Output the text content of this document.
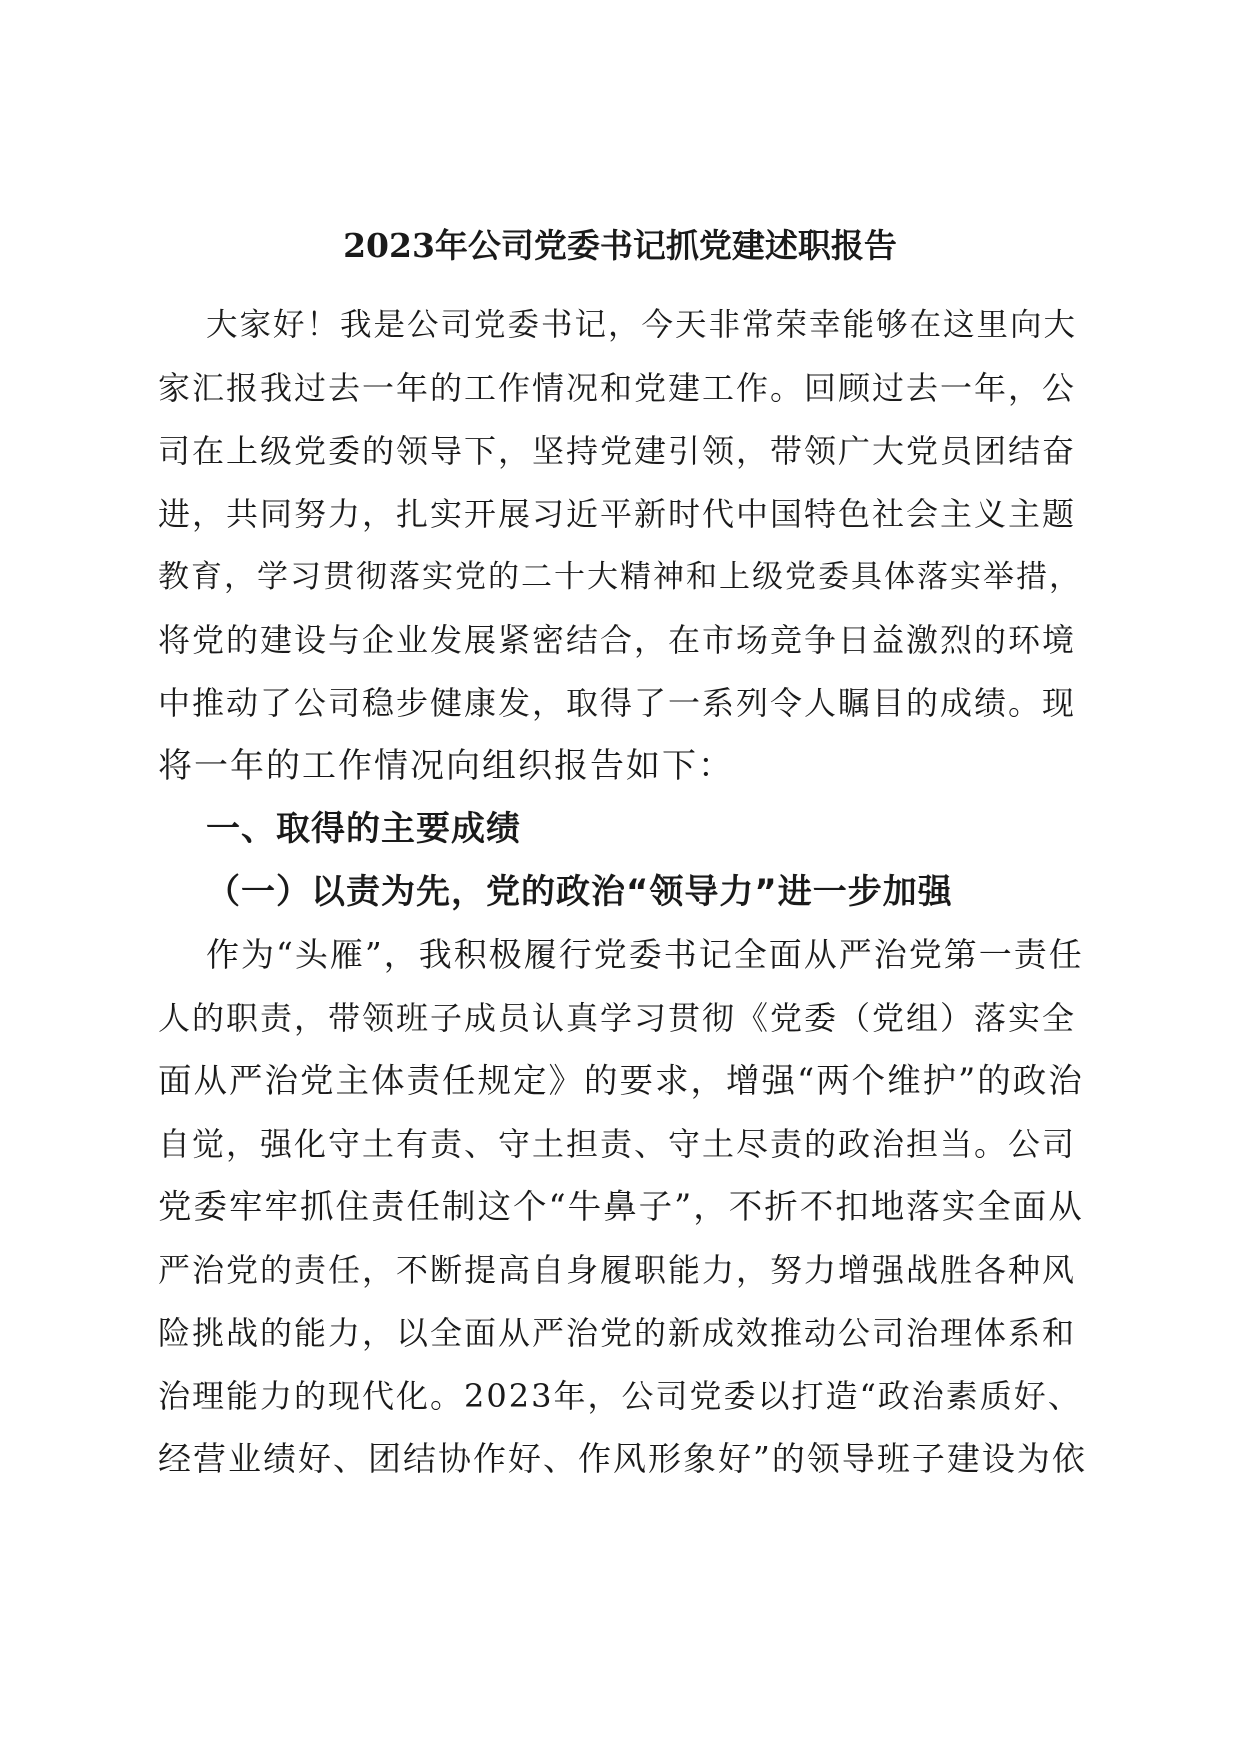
2023年公司党委书记抓党建述职报告
大家好！我是公司党委书记，今天非常荣幸能够在这里向大
家汇报我过去一年的工作情况和党建工作。回顾过去一年，公
司在上级党委的领导下，坚持党建引领，带领广大党员团结奋
进，共同努力，扎实开展习近平新时代中国特色社会主义主题
教育，学习贯彻落实党的二十大精神和上级党委具体落实举措，
将党的建设与企业发展紧密结合，在市场竞争日益激烈的环境
中推动了公司稳步健康发，取得了一系列令人瞩目的成绩。现
将一年的工作情况向组织报告如下：
一、取得的主要成绩
（一）以责为先，党的政治“领导力”进一步加强
作为“头雁”，我积极履行党委书记全面从严治党第一责任
人的职责，带领班子成员认真学习贯彻《党委（党组）落实全
面从严治党主体责任规定》的要求，增强“两个维护”的政治
自觉，强化守土有责、守土担责、守土尽责的政治担当。公司
党委牢牢抓住责任制这个“牛鼻子”，不折不扣地落实全面从
严治党的责任，不断提高自身履职能力，努力增强战胜各种风
险挑战的能力，以全面从严治党的新成效推动公司治理体系和
治理能力的现代化。2023年，公司党委以打造“政治素质好、
经营业绩好、团结协作好、作风形象好”的领导班子建设为依
